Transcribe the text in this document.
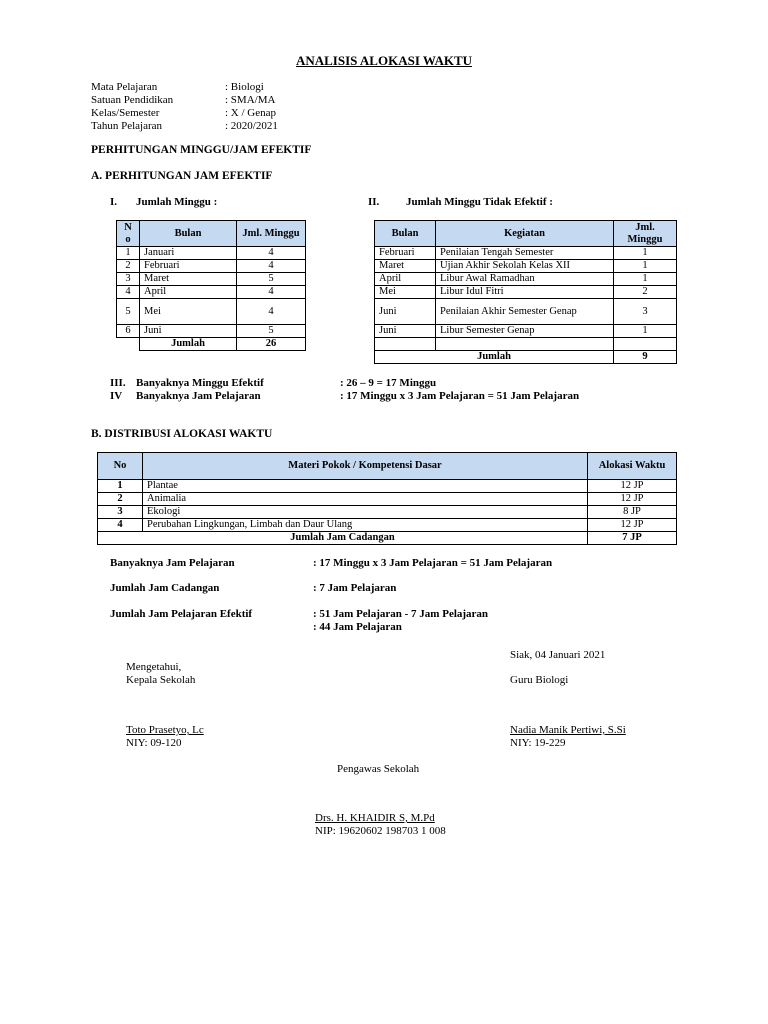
ANALISIS ALOKASI WAKTU
Mata Pelajaran	: Biologi
Satuan Pendidikan	: SMA/MA
Kelas/Semester	: X / Genap
Tahun Pelajaran	: 2020/2021
PERHITUNGAN MINGGU/JAM EFEKTIF
A. PERHITUNGAN JAM EFEKTIF
I. Jumlah Minggu :	II. Jumlah Minggu Tidak Efektif :
N o	Bulan	Jml. Minggu
1	Januari	4
2	Februari	4
3	Maret	5
4	April	4
5	Mei	4
6	Juni	5
	Jumlah	26
Bulan	Kegiatan	Jml. Minggu
Februari	Penilaian Tengah Semester	1
Maret	Ujian Akhir Sekolah Kelas XII	1
April	Libur Awal Ramadhan	1
Mei	Libur Idul Fitri	2
Juni	Penilaian Akhir Semester Genap	3
Juni	Libur Semester Genap	1

Jumlah		9
III. Banyaknya Minggu Efektif	: 26 – 9 = 17 Minggu
IV Banyaknya Jam Pelajaran	: 17 Minggu x 3 Jam Pelajaran = 51 Jam Pelajaran
B. DISTRIBUSI ALOKASI WAKTU
No	Materi Pokok / Kompetensi Dasar	Alokasi Waktu
1	Plantae	12 JP
2	Animalia	12 JP
3	Ekologi	8 JP
4	Perubahan Lingkungan, Limbah dan Daur Ulang	12 JP
Jumlah Jam Cadangan		7 JP
Banyaknya Jam Pelajaran	: 17 Minggu x 3 Jam Pelajaran = 51 Jam Pelajaran
Jumlah Jam Cadangan	: 7 Jam Pelajaran
Jumlah Jam Pelajaran Efektif	: 51 Jam Pelajaran - 7 Jam Pelajaran
: 44 Jam Pelajaran
Siak, 04 Januari 2021
Mengetahui,
Kepala Sekolah	Guru Biologi
Toto Prasetyo, Lc
NIY: 09-120
Nadia Manik Pertiwi, S.Si
NIY: 19-229
Pengawas Sekolah
Drs. H. KHAIDIR S, M.Pd
NIP: 19620602 198703 1 008
